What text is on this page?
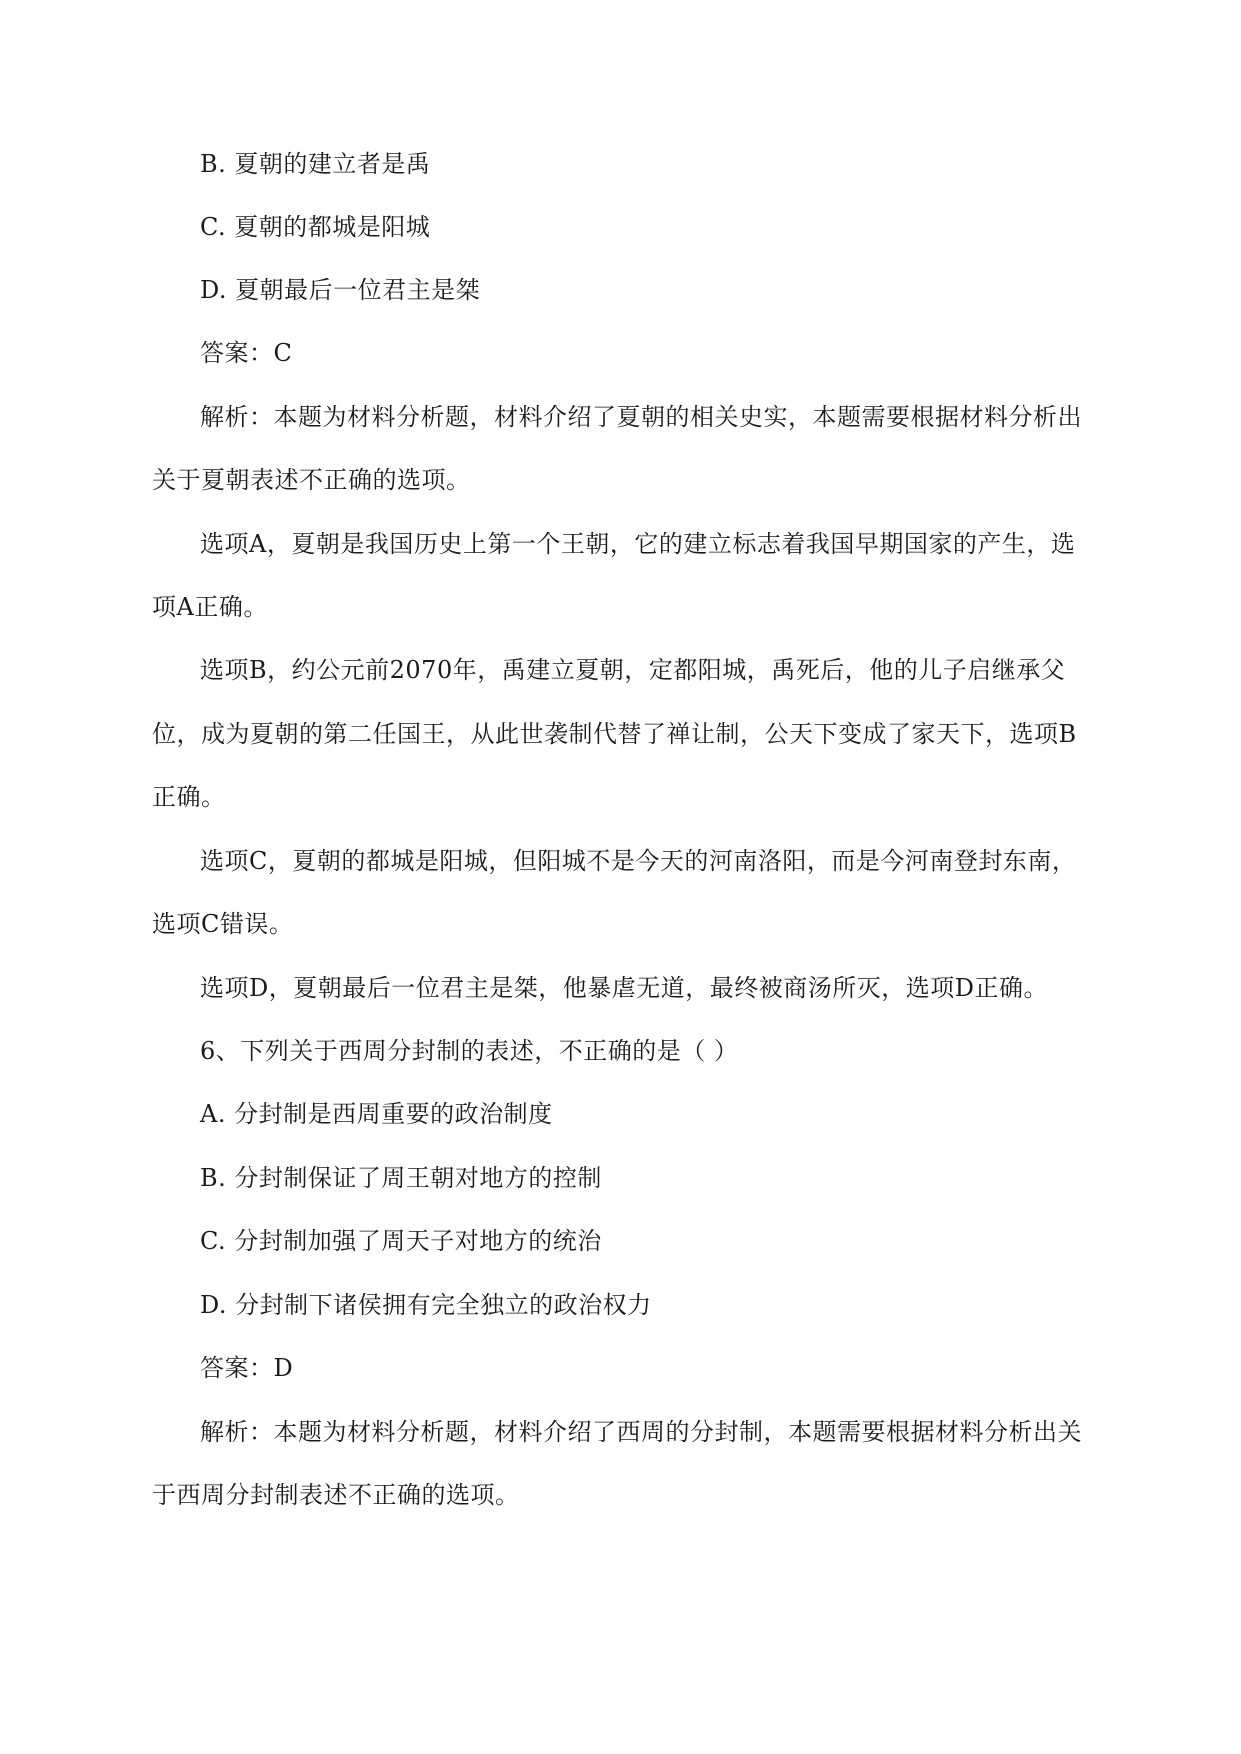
B. 夏朝的建立者是禹

C. 夏朝的都城是阳城

D. 夏朝最后一位君主是桀

答案：C

解析：本题为材料分析题，材料介绍了夏朝的相关史实，本题需要根据材料分析出

关于夏朝表述不正确的选项。

选项A，夏朝是我国历史上第一个王朝，它的建立标志着我国早期国家的产生，选

项A正确。

选项B，约公元前2070年，禹建立夏朝，定都阳城，禹死后，他的儿子启继承父

位，成为夏朝的第二任国王，从此世袭制代替了禅让制，公天下变成了家天下，选项B

正确。

选项C，夏朝的都城是阳城，但阳城不是今天的河南洛阳，而是今河南登封东南，

选项C错误。

选项D，夏朝最后一位君主是桀，他暴虐无道，最终被商汤所灭，选项D正确。

6、下列关于西周分封制的表述，不正确的是（ ）

A. 分封制是西周重要的政治制度

B. 分封制保证了周王朝对地方的控制

C. 分封制加强了周天子对地方的统治

D. 分封制下诸侯拥有完全独立的政治权力

答案：D

解析：本题为材料分析题，材料介绍了西周的分封制，本题需要根据材料分析出关

于西周分封制表述不正确的选项。
